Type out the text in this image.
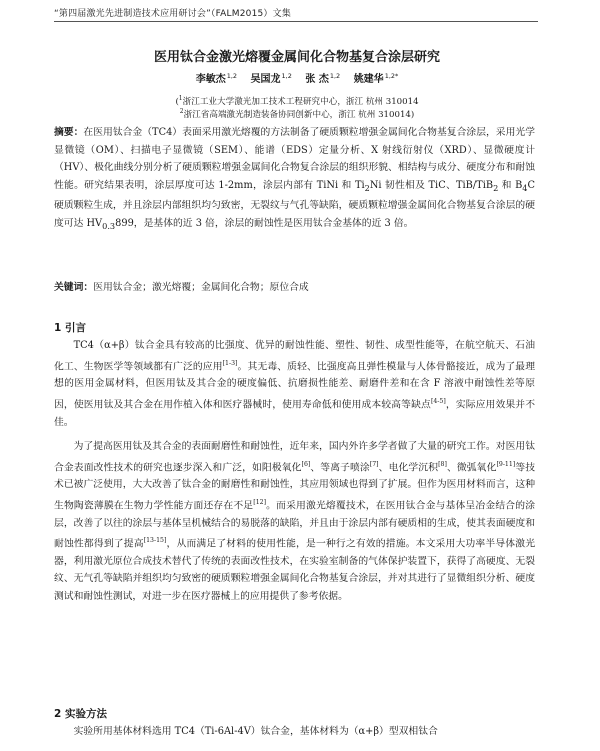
“第四届激光先进制造技术应用研讨会”（FALM2015）文集
医用钛合金激光熔覆金属间化合物基复合涂层研究
李敏杰$^{1,2}$ 吴国龙$^{1,2}$ 张 杰$^{1,2}$ 姚建华$^{1,2*}$
($^1$浙江工业大学激光加工技术工程研究中心，浙江 杭州 310014
$^2$浙江省高端激光制造装备协同创新中心，浙江 杭州 310014)
摘要：在医用钛合金（TC4）表面采用激光熔覆的方法制备了硬质颗粒增强金属间化合物基复合涂层，采用光学显微镜（OM）、扫描电子显微镜（SEM）、能谱（EDS）定量分析、X 射线衍射仪（XRD）、显微硬度计（HV）、极化曲线分别分析了硬质颗粒增强金属间化合物复合涂层的组织形貌、相结构与成分、硬度分布和耐蚀性能。研究结果表明，涂层厚度可达 1-2mm，涂层内部有 TiNi 和 $Ti_2Ni$ 韧性相及 TiC、TiB/TiB$_2$ 和 $B_4C$ 硬质颗粒生成，并且涂层内部组织均匀致密，无裂纹与气孔等缺陷，硬质颗粒增强金属间化合物基复合涂层的硬度可达 $HV_{0.3}899$，是基体的近 3 倍，涂层的耐蚀性是医用钛合金基体的近 3 倍。
关键词：医用钛合金；激光熔覆；金属间化合物；原位合成
1 引言

TC4（α+β）钛合金具有较高的比强度、优异的耐蚀性能、塑性、韧性、成型性能等，在航空航天、石油化工、生物医学等领域都有广泛的应用[1-3]。其无毒、质轻、比强度高且弹性模量与人体骨骼接近，成为了最理想的医用金属材料，但医用钛及其合金的硬度偏低、抗磨损性能差、耐磨件差和在含 F 溶液中耐蚀性差等原因，使医用钛及其合金在用作植入体和医疗器械时，使用寿命低和使用成本较高等缺点[4-5]，实际应用效果并不佳。

为了提高医用钛及其合金的表面耐磨性和耐蚀性，近年来，国内外许多学者做了大量的研究工作。对医用钛合金表面改性技术的研究也逐步深入和广泛，如阳极氧化[6]、等离子喷涂[7]、电化学沉积[8]、微弧氧化[9-11]等技术已被广泛使用，大大改善了钛合金的耐磨性和耐蚀性，其应用领域也得到了扩展。但作为医用材料而言，这种生物陶瓷薄膜在生物力学性能方面还存在不足[12]。而采用激光熔覆技术，在医用钛合金与基体呈冶金结合的涂层，改善了以往的涂层与基体呈机械结合的易脱落的缺陷，并且由于涂层内部有硬质相的生成，使其表面硬度和耐蚀性都得到了提高[13-15]，从而满足了材料的使用性能，是一种行之有效的措施。本文采用大功率半导体激光器，利用激光原位合成技术替代了传统的表面改性技术，在实验室制备的气体保护装置下，获得了高硬度、无裂纹、无气孔等缺陷并组织均匀致密的硬质颗粒增强金属间化合物基复合涂层，并对其进行了显微组织分析、硬度测试和耐蚀性测试，对进一步在医疗器械上的应用提供了参考依据。

2 实验方法
实验所用基体材料选用 TC4（Ti-6Al-4V）钛合金，基体材料为（α+β）型双相钛合
